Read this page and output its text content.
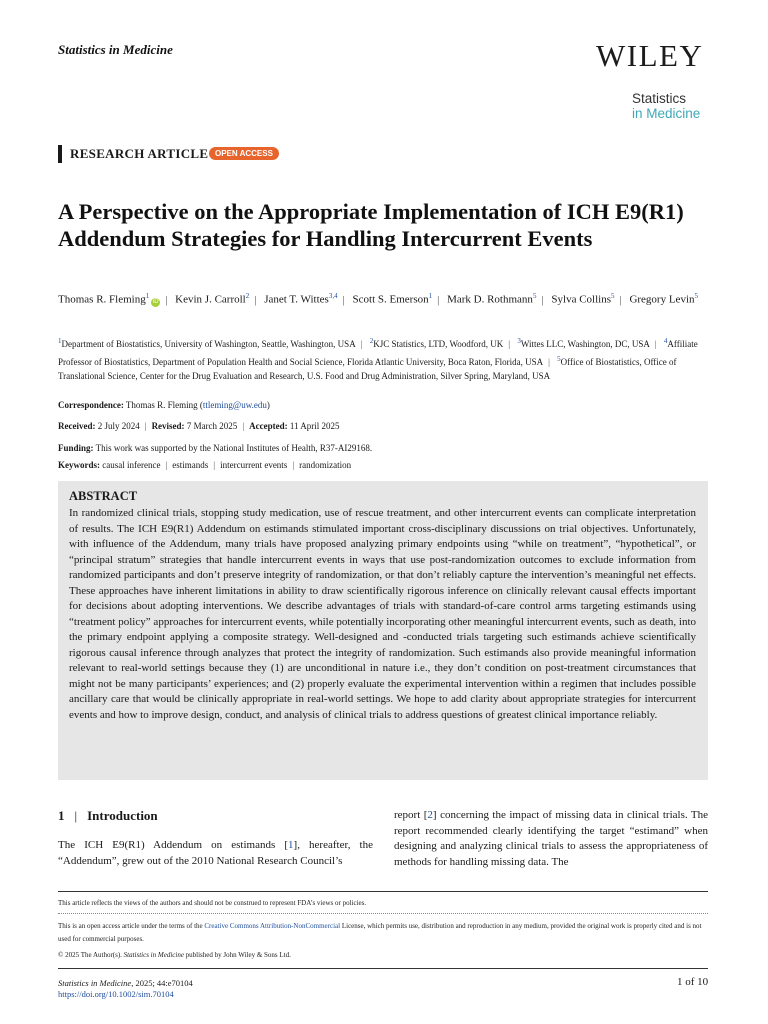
Statistics in Medicine	WILEY
Statistics
in Medicine
RESEARCH ARTICLE OPEN ACCESS
A Perspective on the Appropriate Implementation of ICH E9(R1) Addendum Strategies for Handling Intercurrent Events
Thomas R. Fleming$^1$iD | Kevin J. Carroll$^2$ | Janet T. Wittes$^{3,4}$ | Scott S. Emerson$^1$ | Mark D. Rothmann$^5$ | Sylva Collins$^5$ | Gregory Levin$^5$
$^1$Department of Biostatistics, University of Washington, Seattle, Washington, USA | $^2$KJC Statistics, LTD, Woodford, UK | $^3$Wittes LLC, Washington, DC, USA | $^4$Affiliate Professor of Biostatistics, Department of Population Health and Social Science, Florida Atlantic University, Boca Raton, Florida, USA | $^5$Office of Biostatistics, Office of Translational Science, Center for the Drug Evaluation and Research, U.S. Food and Drug Administration, Silver Spring, Maryland, USA
Correspondence: Thomas R. Fleming (ttleming@uw.edu)
Received: 2 July 2024 | Revised: 7 March 2025 | Accepted: 11 April 2025
Funding: This work was supported by the National Institutes of Health, R37-AI29168.
Keywords: causal inference | estimands | intercurrent events | randomization
ABSTRACT
In randomized clinical trials, stopping study medication, use of rescue treatment, and other intercurrent events can complicate interpretation of results. The ICH E9(R1) Addendum on estimands stimulated important cross-disciplinary discussions on trial objectives. Unfortunately, with influence of the Addendum, many trials have proposed analyzing primary endpoints using “while on treatment”, “hypothetical”, or “principal stratum” strategies that handle intercurrent events in ways that use post-randomization outcomes to exclude information from randomized participants and don’t preserve integrity of randomization, or that don’t reliably capture the intervention’s meaningful net effects. These approaches have inherent limitations in ability to draw scientifically rigorous inference on clinically relevant causal effects important for decisions about adopting interventions. We describe advantages of trials with standard-of-care control arms targeting estimands using “treatment policy” approaches for intercurrent events, while potentially incorporating other meaningful intercurrent events, such as death, into the primary endpoint applying a composite strategy. Well-designed and -conducted trials targeting such estimands achieve scientifically rigorous causal inference through analyzes that protect the integrity of randomization. Such estimands also provide meaningful information relevant to real-world settings because they (1) are unconditional in nature i.e., they don’t condition on post-treatment circumstances that might not be many participants’ experiences; and (2) properly evaluate the experimental intervention within a regimen that includes possible ancillary care that would be clinically appropriate in real-world settings. We hope to add clarity about appropriate strategies for intercurrent events and how to improve design, conduct, and analysis of clinical trials to address questions of greatest clinical importance reliably.
1 | Introduction
The ICH E9(R1) Addendum on estimands [1], hereafter, the “Addendum”, grew out of the 2010 National Research Council’s
report [2] concerning the impact of missing data in clinical trials. The report recommended clearly identifying the target “estimand” when designing and analyzing clinical trials to assess the appropriateness of methods for handling missing data. The
This article reflects the views of the authors and should not be construed to represent FDA’s views or policies.
This is an open access article under the terms of the Creative Commons Attribution-NonCommercial License, which permits use, distribution and reproduction in any medium, provided the original work is properly cited and is not used for commercial purposes.
© 2025 The Author(s). Statistics in Medicine published by John Wiley & Sons Ltd.
Statistics in Medicine, 2025; 44:e70104
https://doi.org/10.1002/sim.70104
1 of 10
